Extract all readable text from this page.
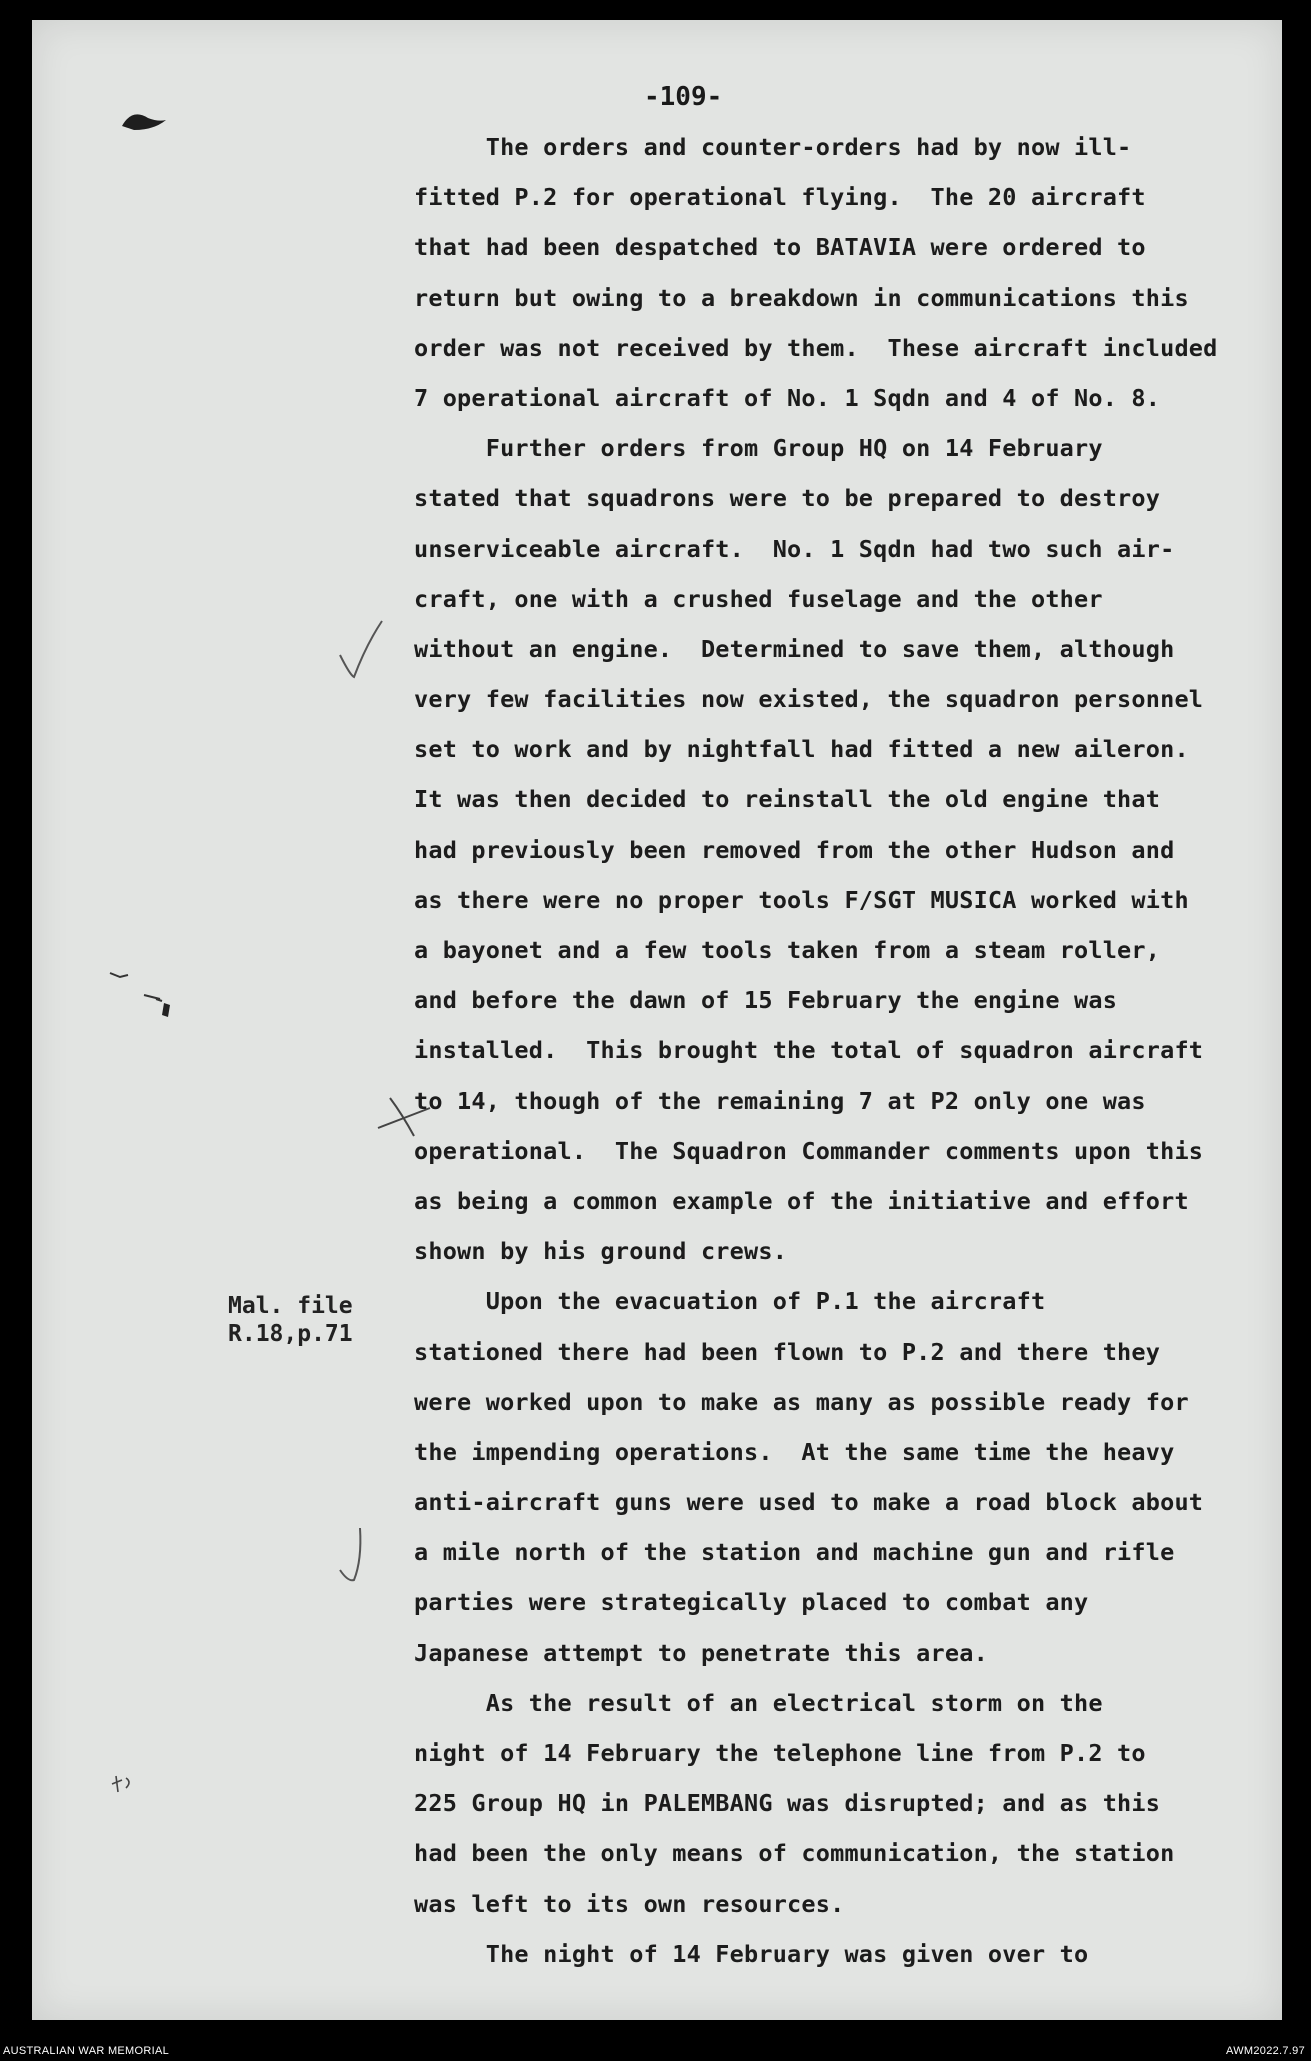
-109-
Mal. file
R.18,p.71
The orders and counter-orders had by now ill-
fitted P.2 for operational flying.  The 20 aircraft
that had been despatched to BATAVIA were ordered to
return but owing to a breakdown in communications this
order was not received by them.  These aircraft included
7 operational aircraft of No. 1 Sqdn and 4 of No. 8.
Further orders from Group HQ on 14 February
stated that squadrons were to be prepared to destroy
unserviceable aircraft.  No. 1 Sqdn had two such air-
craft, one with a crushed fuselage and the other
without an engine.  Determined to save them, although
very few facilities now existed, the squadron personnel
set to work and by nightfall had fitted a new aileron.
It was then decided to reinstall the old engine that
had previously been removed from the other Hudson and
as there were no proper tools F/SGT MUSICA worked with
a bayonet and a few tools taken from a steam roller,
and before the dawn of 15 February the engine was
installed.  This brought the total of squadron aircraft
to 14, though of the remaining 7 at P2 only one was
operational.  The Squadron Commander comments upon this
as being a common example of the initiative and effort
shown by his ground crews.
Upon the evacuation of P.1 the aircraft
stationed there had been flown to P.2 and there they
were worked upon to make as many as possible ready for
the impending operations.  At the same time the heavy
anti-aircraft guns were used to make a road block about
a mile north of the station and machine gun and rifle
parties were strategically placed to combat any
Japanese attempt to penetrate this area.
As the result of an electrical storm on the
night of 14 February the telephone line from P.2 to
225 Group HQ in PALEMBANG was disrupted; and as this
had been the only means of communication, the station
was left to its own resources.
The night of 14 February was given over to
AUSTRALIAN WAR MEMORIAL	AWM2022.7.97
